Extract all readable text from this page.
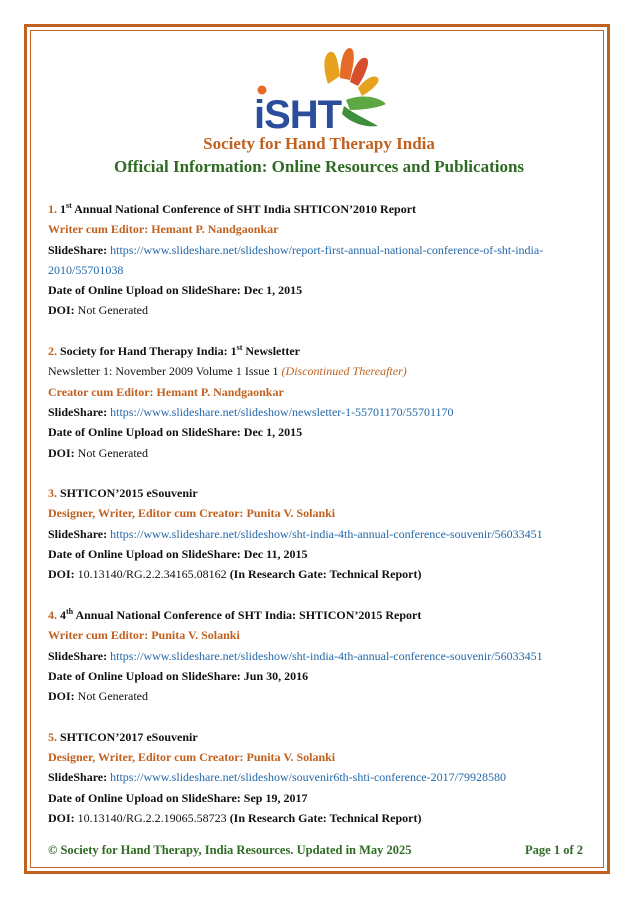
iSHT
Society for Hand Therapy India
Official Information: Online Resources and Publications
1. 1st Annual National Conference of SHT India SHTICON’2010 Report
Writer cum Editor: Hemant P. Nandgaonkar
SlideShare: https://www.slideshare.net/slideshow/report-first-annual-national-conference-of-sht-india-
2010/55701038
Date of Online Upload on SlideShare: Dec 1, 2015
DOI: Not Generated
2. Society for Hand Therapy India: 1st Newsletter
Newsletter 1: November 2009 Volume 1 Issue 1 (Discontinued Thereafter)
Creator cum Editor: Hemant P. Nandgaonkar
SlideShare: https://www.slideshare.net/slideshow/newsletter-1-55701170/55701170
Date of Online Upload on SlideShare: Dec 1, 2015
DOI: Not Generated
3. SHTICON’2015 eSouvenir
Designer, Writer, Editor cum Creator: Punita V. Solanki
SlideShare: https://www.slideshare.net/slideshow/sht-india-4th-annual-conference-souvenir/56033451
Date of Online Upload on SlideShare: Dec 11, 2015
DOI: 10.13140/RG.2.2.34165.08162 (In Research Gate: Technical Report)
4. 4th Annual National Conference of SHT India: SHTICON’2015 Report
Writer cum Editor: Punita V. Solanki
SlideShare: https://www.slideshare.net/slideshow/sht-india-4th-annual-conference-souvenir/56033451
Date of Online Upload on SlideShare: Jun 30, 2016
DOI: Not Generated
5. SHTICON’2017 eSouvenir
Designer, Writer, Editor cum Creator: Punita V. Solanki
SlideShare: https://www.slideshare.net/slideshow/souvenir6th-shti-conference-2017/79928580
Date of Online Upload on SlideShare: Sep 19, 2017
DOI: 10.13140/RG.2.2.19065.58723 (In Research Gate: Technical Report)
© Society for Hand Therapy, India Resources. Updated in May 2025	Page 1 of 2
